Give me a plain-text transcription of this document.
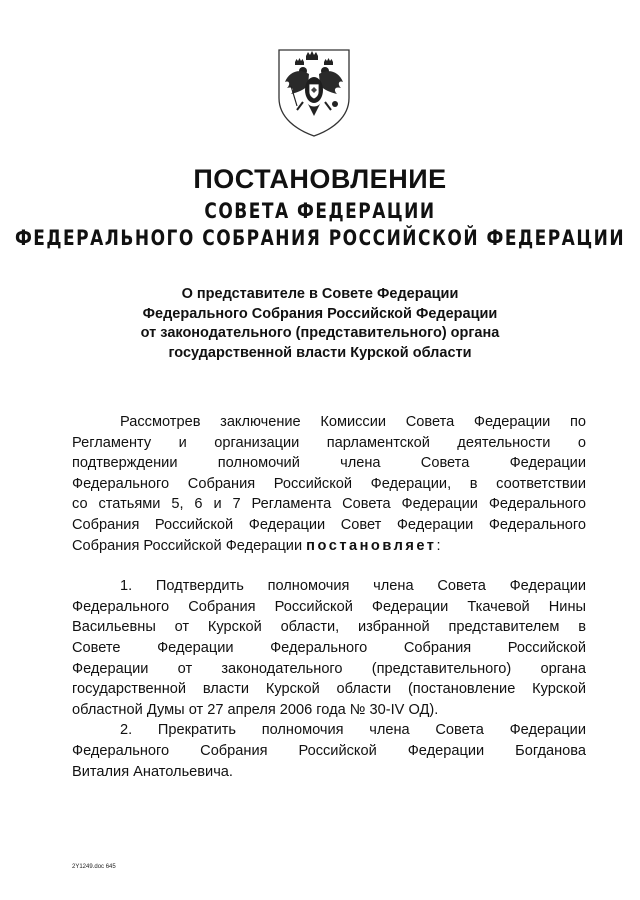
ПОСТАНОВЛЕНИЕ
СОВЕТА ФЕДЕРАЦИИ
ФЕДЕРАЛЬНОГО СОБРАНИЯ РОССИЙСКОЙ ФЕДЕРАЦИИ
О представителе в Совете Федерации
Федерального Собрания Российской Федерации
от законодательного (представительного) органа
государственной власти Курской области
Рассмотрев заключение Комиссии Совета Федерации по
Регламенту и организации парламентской деятельности о
подтверждении полномочий члена Совета Федерации
Федерального Собрания Российской Федерации, в соответствии
со статьями 5, 6 и 7 Регламента Совета Федерации Федерального
Собрания Российской Федерации Совет Федерации Федерального
Собрания Российской Федерации постановляет:
1. Подтвердить полномочия члена Совета Федерации
Федерального Собрания Российской Федерации Ткачевой Нины
Васильевны от Курской области, избранной представителем в
Совете Федерации Федерального Собрания Российской
Федерации от законодательного (представительного) органа
государственной власти Курской области (постановление Курской
областной Думы от 27 апреля 2006 года № 30-IV ОД).
2. Прекратить полномочия члена Совета Федерации
Федерального Собрания Российской Федерации Богданова
Виталия Анатольевича.
2Y1249.doc 645
